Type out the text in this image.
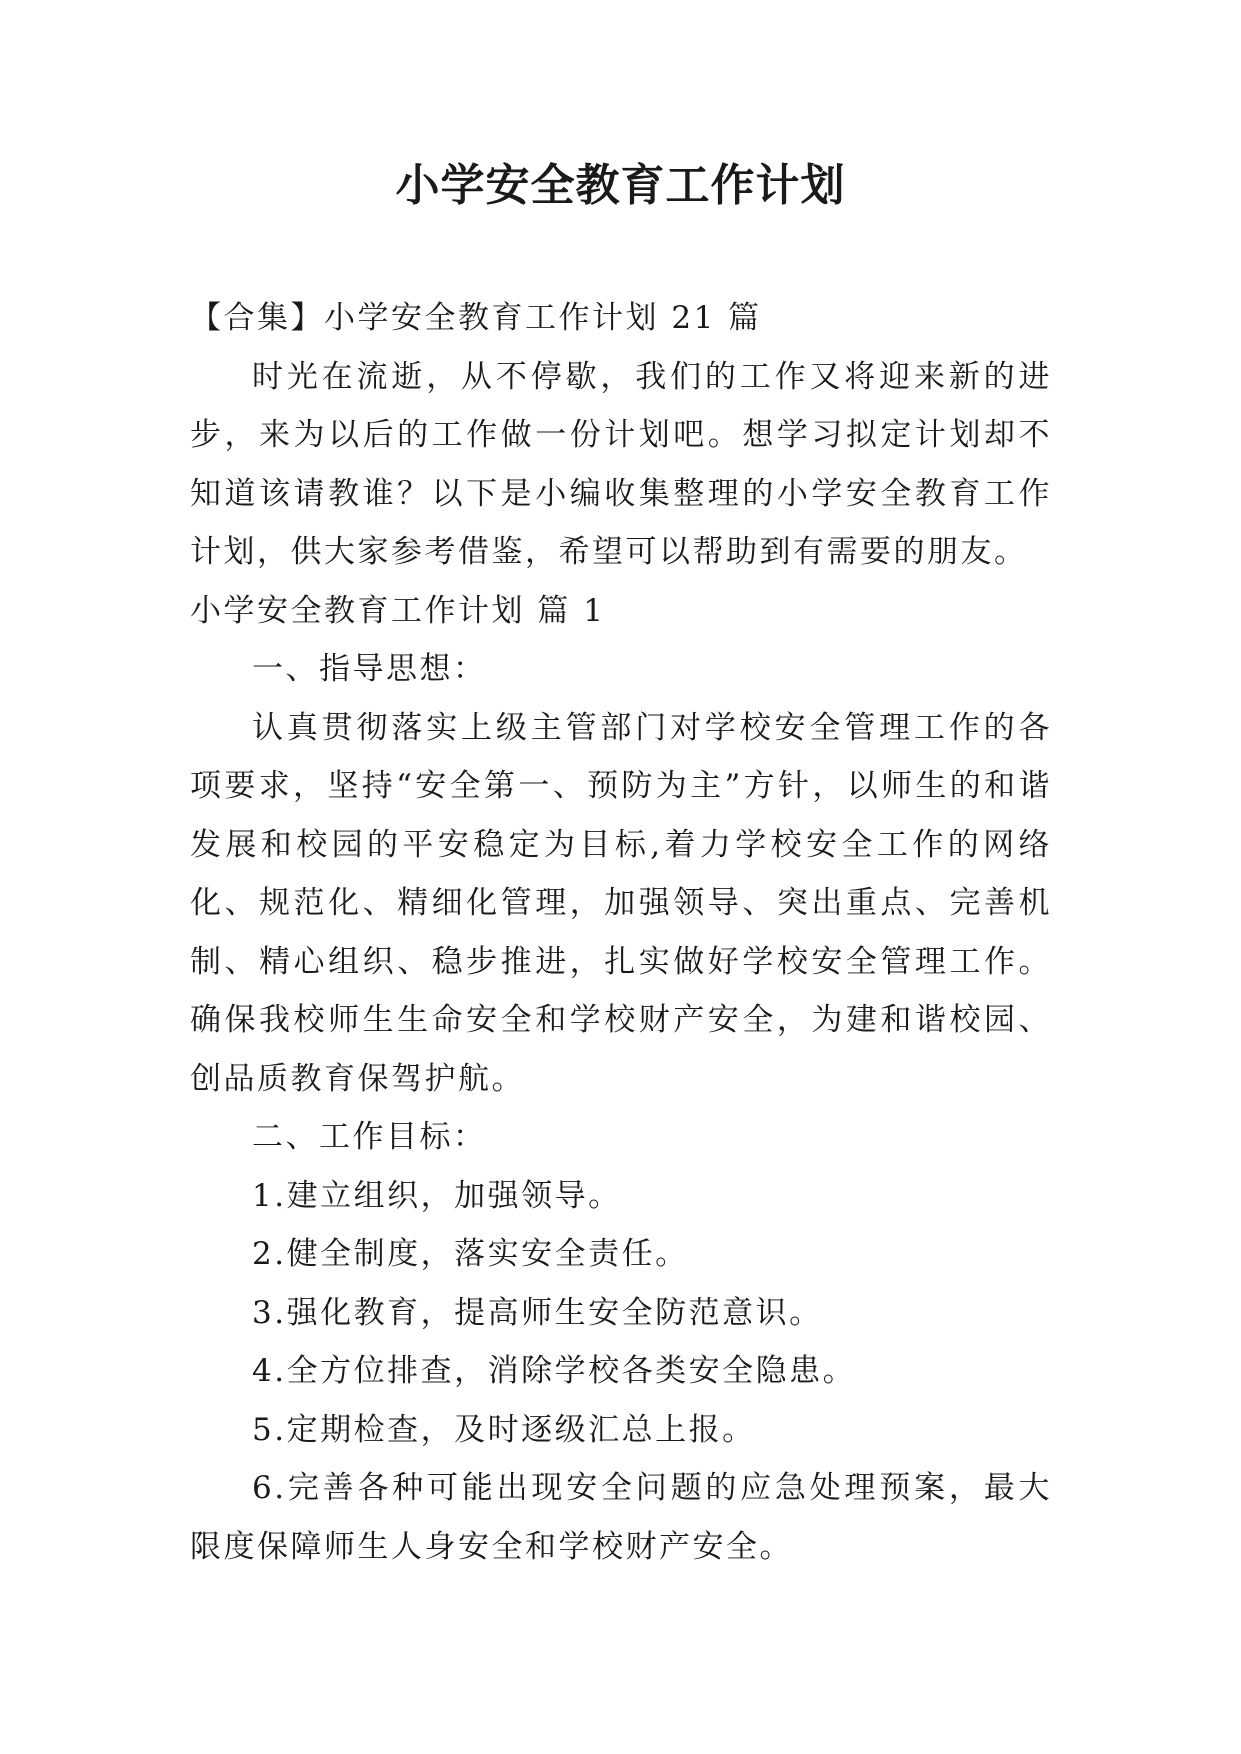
小学安全教育工作计划

【合集】小学安全教育工作计划 21 篇

时光在流逝，从不停歇，我们的工作又将迎来新的进步，来为以后的工作做一份计划吧。想学习拟定计划却不知道该请教谁？以下是小编收集整理的小学安全教育工作计划，供大家参考借鉴，希望可以帮助到有需要的朋友。

小学安全教育工作计划 篇 1

一、指导思想：

认真贯彻落实上级主管部门对学校安全管理工作的各项要求，坚持“安全第一、预防为主”方针，以师生的和谐发展和校园的平安稳定为目标,着力学校安全工作的网络化、规范化、精细化管理，加强领导、突出重点、完善机制、精心组织、稳步推进，扎实做好学校安全管理工作。确保我校师生生命安全和学校财产安全，为建和谐校园、创品质教育保驾护航。

二、工作目标：

1.建立组织，加强领导。

2.健全制度，落实安全责任。

3.强化教育，提高师生安全防范意识。

4.全方位排查，消除学校各类安全隐患。

5.定期检查，及时逐级汇总上报。

6.完善各种可能出现安全问题的应急处理预案，最大限度保障师生人身安全和学校财产安全。
